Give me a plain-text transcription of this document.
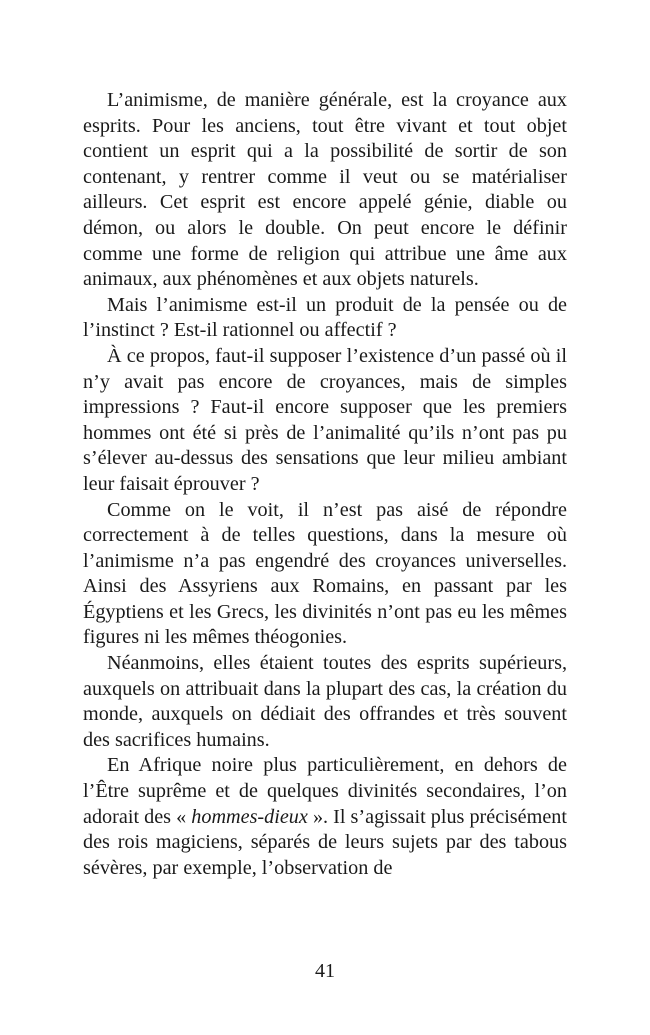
L’animisme, de manière générale, est la croyance aux esprits. Pour les anciens, tout être vivant et tout objet contient un esprit qui a la possibilité de sortir de son contenant, y rentrer comme il veut ou se matérialiser ailleurs. Cet esprit est encore appelé génie, diable ou démon, ou alors le double. On peut encore le définir comme une forme de religion qui attribue une âme aux animaux, aux phénomènes et aux objets naturels.

Mais l’animisme est-il un produit de la pensée ou de l’instinct ? Est-il rationnel ou affectif ?

À ce propos, faut-il supposer l’existence d’un passé où il n’y avait pas encore de croyances, mais de simples impressions ? Faut-il encore supposer que les premiers hommes ont été si près de l’animalité qu’ils n’ont pas pu s’élever au-dessus des sensations que leur milieu ambiant leur faisait éprouver ?

Comme on le voit, il n’est pas aisé de répondre correctement à de telles questions, dans la mesure où l’animisme n’a pas engendré des croyances universelles. Ainsi des Assyriens aux Romains, en passant par les Égyptiens et les Grecs, les divinités n’ont pas eu les mêmes figures ni les mêmes théogonies.

Néanmoins, elles étaient toutes des esprits supérieurs, auxquels on attribuait dans la plupart des cas, la création du monde, auxquels on dédiait des offrandes et très souvent des sacrifices humains.

En Afrique noire plus particulièrement, en dehors de l’Être suprême et de quelques divinités secondaires, l’on adorait des « hommes-dieux ». Il s’agissait plus précisément des rois magiciens, séparés de leurs sujets par des tabous sévères, par exemple, l’observation de

41
